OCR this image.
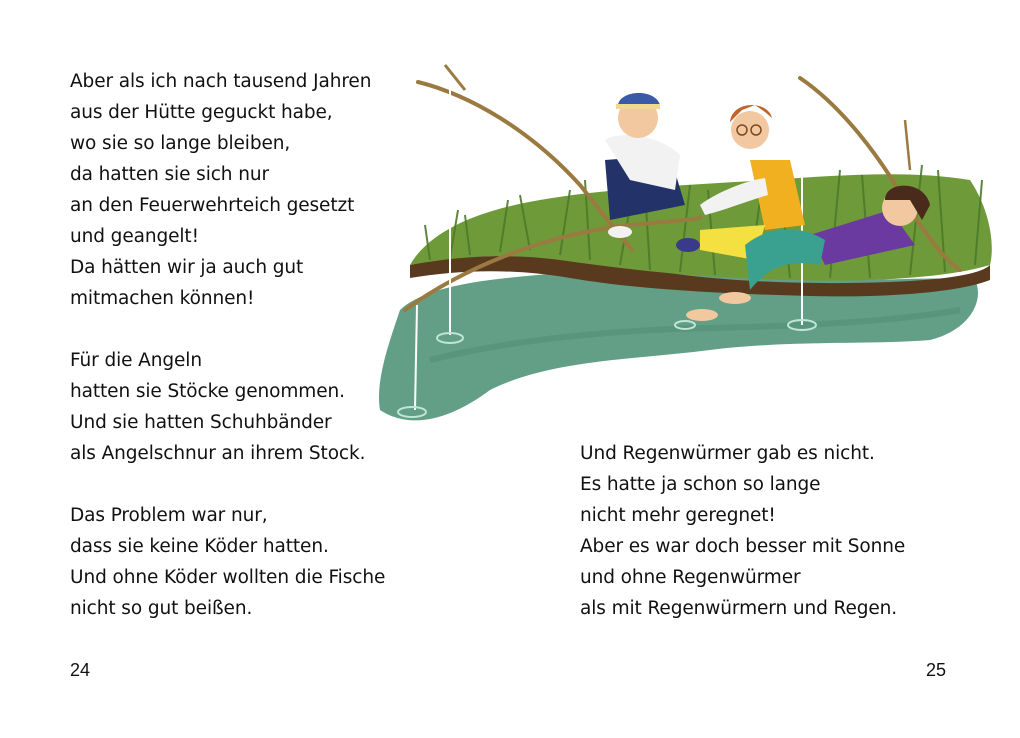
Aber als ich nach tausend Jahren
aus der Hütte geguckt habe,
wo sie so lange bleiben,
da hatten sie sich nur
an den Feuerwehrteich gesetzt
und geangelt!
Da hätten wir ja auch gut
mitmachen können!
Für die Angeln
hatten sie Stöcke genommen.
Und sie hatten Schuhbänder
als Angelschnur an ihrem Stock.
Das Problem war nur,
dass sie keine Köder hatten.
Und ohne Köder wollten die Fische
nicht so gut beißen.
Und Regenwürmer gab es nicht.
Es hatte ja schon so lange
nicht mehr geregnet!
Aber es war doch besser mit Sonne
und ohne Regenwürmer
als mit Regenwürmern und Regen.
24	25
